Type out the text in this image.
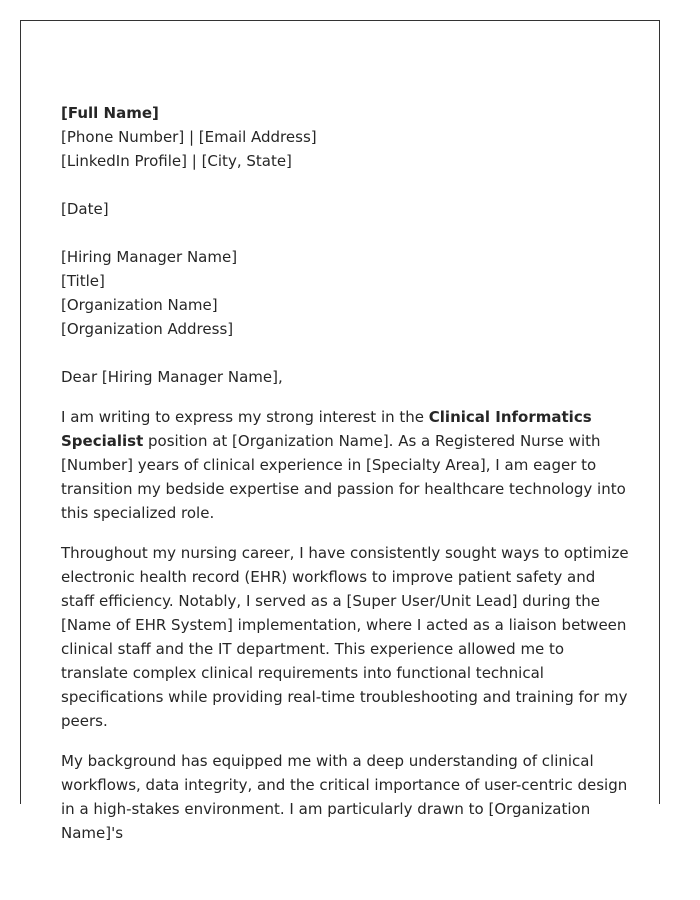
[Full Name]
[Phone Number] | [Email Address]
[LinkedIn Profile] | [City, State]
[Date]
[Hiring Manager Name]
[Title]
[Organization Name]
[Organization Address]

Dear [Hiring Manager Name],

I am writing to express my strong interest in the Clinical Informatics Specialist position at [Organization Name]. As a Registered Nurse with [Number] years of clinical experience in [Specialty Area], I am eager to transition my bedside expertise and passion for healthcare technology into this specialized role.

Throughout my nursing career, I have consistently sought ways to optimize electronic health record (EHR) workflows to improve patient safety and staff efficiency. Notably, I served as a [Super User/Unit Lead] during the [Name of EHR System] implementation, where I acted as a liaison between clinical staff and the IT department. This experience allowed me to translate complex clinical requirements into functional technical specifications while providing real-time troubleshooting and training for my peers.

My background has equipped me with a deep understanding of clinical workflows, data integrity, and the critical importance of user-centric design in a high-stakes environment. I am particularly drawn to [Organization Name]'s
